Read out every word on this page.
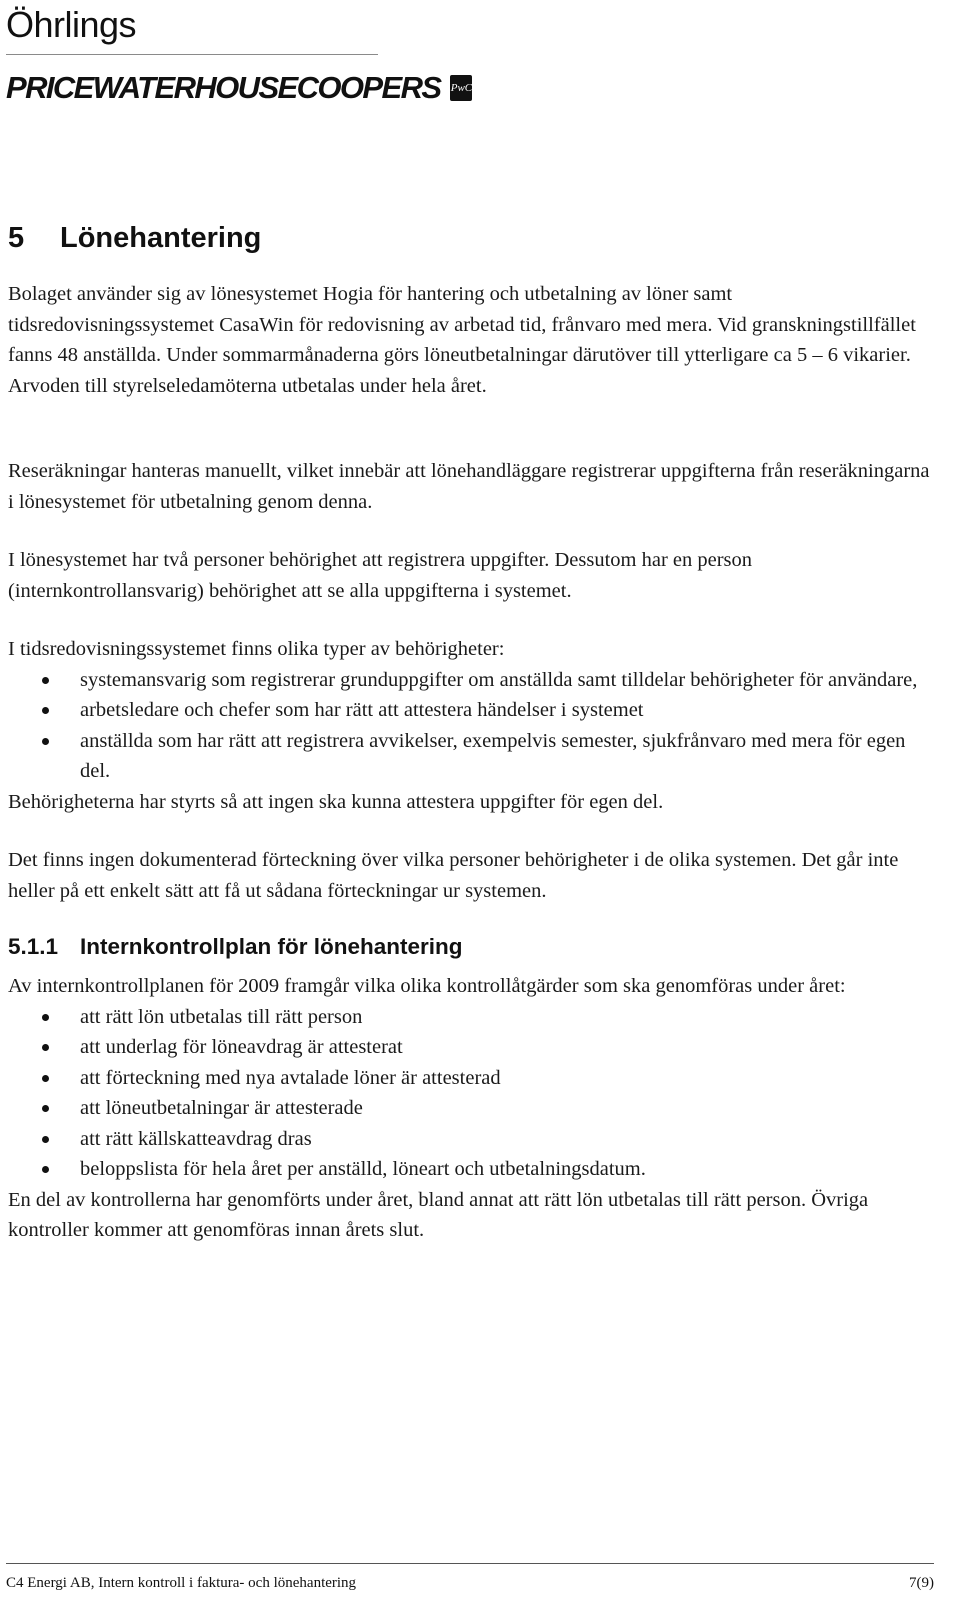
Öhrlings
PRICEWATERHOUSECOOPERS PwC
5 Lönehantering

Bolaget använder sig av lönesystemet Hogia för hantering och utbetalning av löner samt tidsredovisningssystemet CasaWin för redovisning av arbetad tid, frånvaro med mera. Vid granskningstillfället fanns 48 anställda. Under sommarmånaderna görs löneutbetalningar därutöver till ytterligare ca 5 – 6 vikarier. Arvoden till styrelseledamöterna utbetalas under hela året.

Reseräkningar hanteras manuellt, vilket innebär att lönehandläggare registrerar uppgifterna från reseräkningarna i lönesystemet för utbetalning genom denna.

I lönesystemet har två personer behörighet att registrera uppgifter. Dessutom har en person (internkontrollansvarig) behörighet att se alla uppgifterna i systemet.

I tidsredovisningssystemet finns olika typer av behörigheter:

systemansvarig som registrerar grunduppgifter om anställda samt tilldelar behörigheter för användare,
arbetsledare och chefer som har rätt att attestera händelser i systemet
anställda som har rätt att registrera avvikelser, exempelvis semester, sjukfrånvaro med mera för egen del.

Behörigheterna har styrts så att ingen ska kunna attestera uppgifter för egen del.

Det finns ingen dokumenterad förteckning över vilka personer behörigheter i de olika systemen. Det går inte heller på ett enkelt sätt att få ut sådana förteckningar ur systemen.

5.1.1 Internkontrollplan för lönehantering

Av internkontrollplanen för 2009 framgår vilka olika kontrollåtgärder som ska genomföras under året:

att rätt lön utbetalas till rätt person
att underlag för löneavdrag är attesterat
att förteckning med nya avtalade löner är attesterad
att löneutbetalningar är attesterade
att rätt källskatteavdrag dras
beloppslista för hela året per anställd, löneart och utbetalningsdatum.

En del av kontrollerna har genomförts under året, bland annat att rätt lön utbetalas till rätt person. Övriga kontroller kommer att genomföras innan årets slut.

C4 Energi AB, Intern kontroll i faktura- och lönehantering	7(9)
